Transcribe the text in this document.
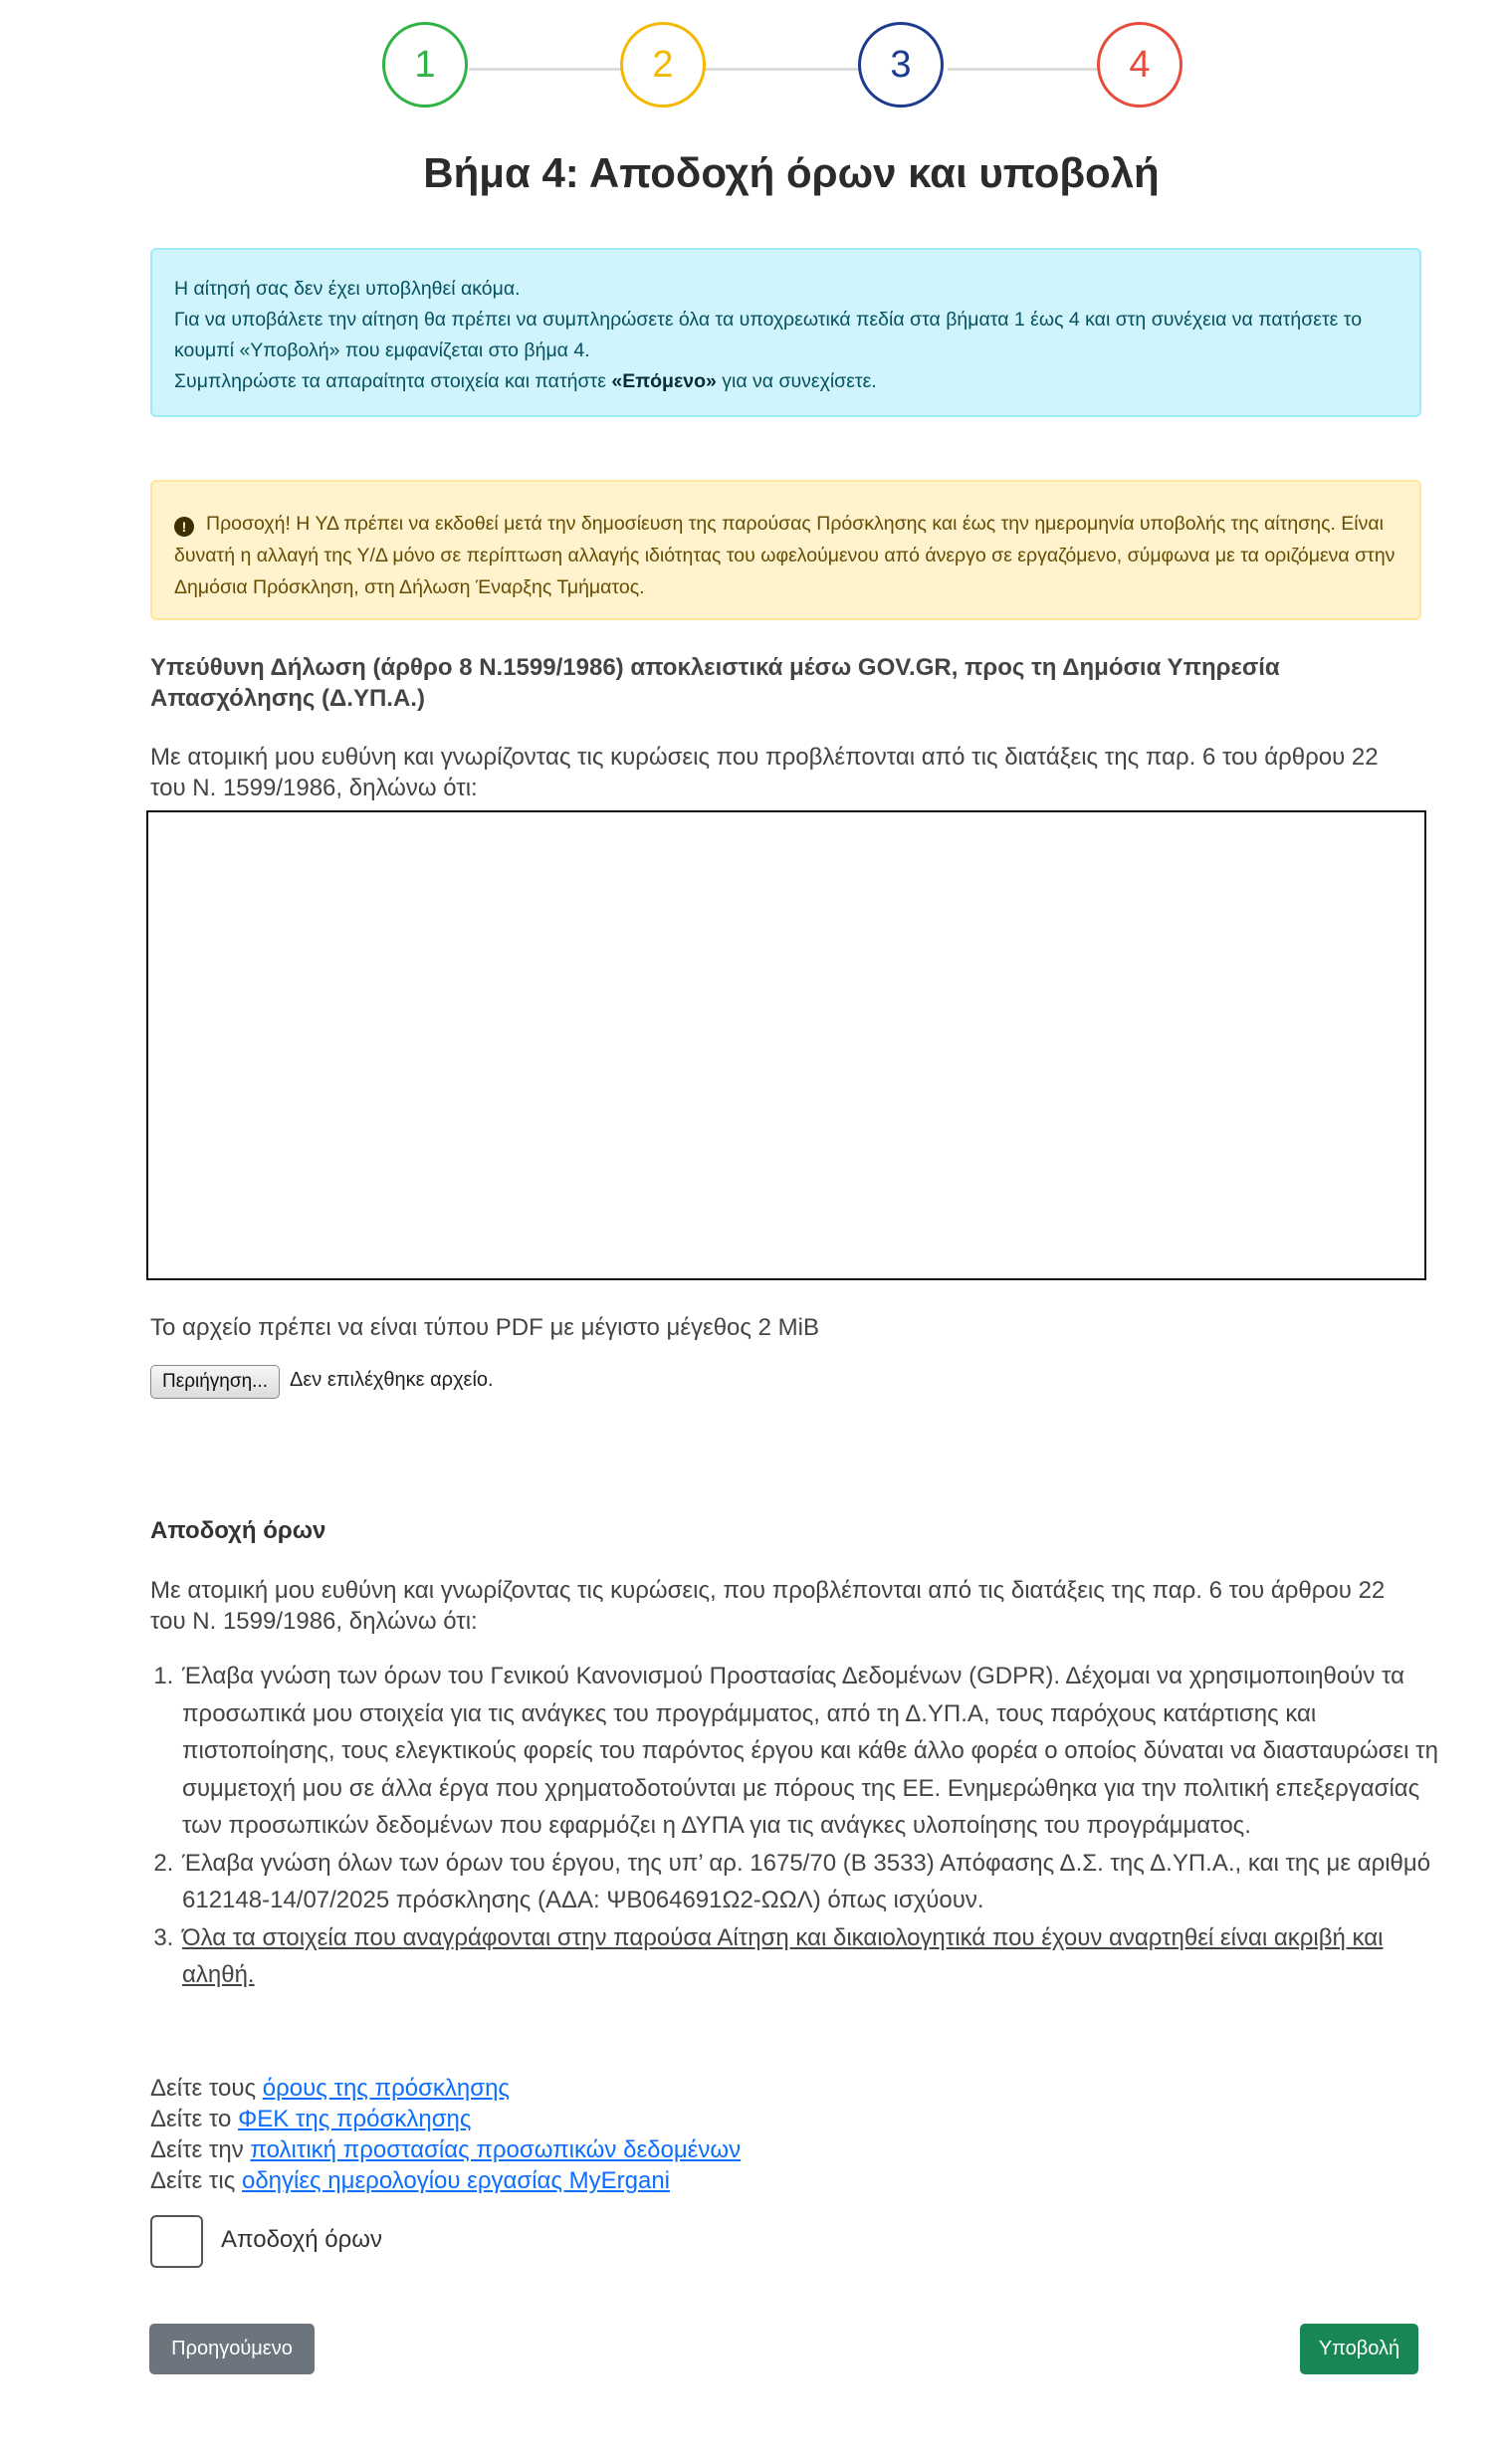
1	2	3	4
Βήμα 4: Αποδοχή όρων και υποβολή

Η αίτησή σας δεν έχει υποβληθεί ακόμα.

Για να υποβάλετε την αίτηση θα πρέπει να συμπληρώσετε όλα τα υποχρεωτικά πεδία στα βήματα 1 έως 4 και στη συνέχεια να πατήσετε το κουμπί «Υποβολή» που εμφανίζεται στο βήμα 4.

Συμπληρώστε τα απαραίτητα στοιχεία και πατήστε «Επόμενο» για να συνεχίσετε.

! Προσοχή! Η ΥΔ πρέπει να εκδοθεί μετά την δημοσίευση της παρούσας Πρόσκλησης και έως την ημερομηνία υποβολής της αίτησης. Είναι δυνατή η αλλαγή της Υ/Δ μόνο σε περίπτωση αλλαγής ιδιότητας του ωφελούμενου από άνεργο σε εργαζόμενο, σύμφωνα με τα οριζόμενα στην Δημόσια Πρόσκληση, στη Δήλωση Έναρξης Τμήματος.

Υπεύθυνη Δήλωση (άρθρο 8 Ν.1599/1986) αποκλειστικά μέσω GOV.GR, προς τη Δημόσια Υπηρεσία Απασχόλησης (Δ.ΥΠ.Α.)

Με ατομική μου ευθύνη και γνωρίζοντας τις κυρώσεις που προβλέπονται από τις διατάξεις της παρ. 6 του άρθρου 22 του Ν. 1599/1986, δηλώνω ότι:

Το αρχείο πρέπει να είναι τύπου PDF με μέγιστο μέγεθος 2 MiB
Περιήγηση...	Δεν επιλέχθηκε αρχείο.
Αποδοχή όρων

Με ατομική μου ευθύνη και γνωρίζοντας τις κυρώσεις, που προβλέπονται από τις διατάξεις της παρ. 6 του άρθρου 22 του Ν. 1599/1986, δηλώνω ότι:

1. Έλαβα γνώση των όρων του Γενικού Κανονισμού Προστασίας Δεδομένων (GDPR). Δέχομαι να χρησιμοποιηθούν τα προσωπικά μου στοιχεία για τις ανάγκες του προγράμματος, από τη Δ.ΥΠ.Α, τους παρόχους κατάρτισης και πιστοποίησης, τους ελεγκτικούς φορείς του παρόντος έργου και κάθε άλλο φορέα ο οποίος δύναται να διασταυρώσει τη συμμετοχή μου σε άλλα έργα που χρηματοδοτούνται με πόρους της ΕΕ. Ενημερώθηκα για την πολιτική επεξεργασίας των προσωπικών δεδομένων που εφαρμόζει η ΔΥΠΑ για τις ανάγκες υλοποίησης του προγράμματος.
2. Έλαβα γνώση όλων των όρων του έργου, της υπ’ αρ. 1675/70 (Β 3533) Απόφασης Δ.Σ. της Δ.ΥΠ.Α., και της με αριθμό 612148-14/07/2025 πρόσκλησης (ΑΔΑ: ΨΒ064691Ω2-ΩΩΛ) όπως ισχύουν.
3. Όλα τα στοιχεία που αναγράφονται στην παρούσα Αίτηση και δικαιολογητικά που έχουν αναρτηθεί είναι ακριβή και αληθή.
Δείτε τους όρους της πρόσκλησης
Δείτε το ΦΕΚ της πρόσκλησης
Δείτε την πολιτική προστασίας προσωπικών δεδομένων
Δείτε τις οδηγίες ημερολογίου εργασίας MyErgani
Αποδοχή όρων
Προηγούμενο	Υποβολή
